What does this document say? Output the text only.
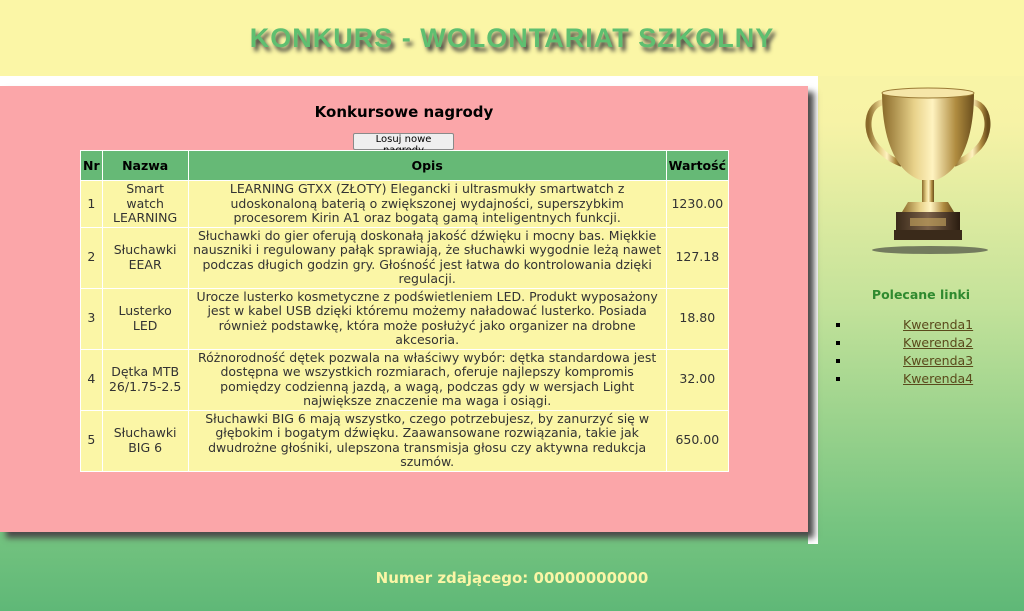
KONKURS - WOLONTARIAT SZKOLNY
Konkursowe nagrody
Losuj nowe
Nr	Nazwa	Opis	Wartość
1	Smart watch LEARNING	LEARNING GTXX (ZŁOTY) Elegancki i ultrasmukły smartwatch z udoskonaloną baterią o zwiększonej wydajności, superszybkim procesorem Kirin A1 oraz bogatą gamą inteligentnych funkcji.	1230.00
2	Słuchawki EEAR	Słuchawki do gier oferują doskonałą jakość dźwięku i mocny bas. Miękkie nauszniki i regulowany pałąk sprawiają, że słuchawki wygodnie leżą nawet podczas długich godzin gry. Głośność jest łatwa do kontrolowania dzięki regulacji.	127.18
3	Lusterko LED	Urocze lusterko kosmetyczne z podświetleniem LED. Produkt wyposażony jest w kabel USB dzięki któremu możemy naładować lusterko. Posiada również podstawkę, która może posłużyć jako organizer na drobne akcesoria.	18.80
4	Dętka MTB 26/1.75-2.5	Różnorodność dętek pozwala na właściwy wybór: dętka standardowa jest dostępna we wszystkich rozmiarach, oferuje najlepszy kompromis pomiędzy codzienną jazdą, a wagą, podczas gdy w wersjach Light największe znaczenie ma waga i osiągi.	32.00
5	Słuchawki BIG 6	Słuchawki BIG 6 mają wszystko, czego potrzebujesz, by zanurzyć się w głębokim i bogatym dźwięku. Zaawansowane rozwiązania, takie jak dwudrożne głośniki, ulepszona transmisja głosu czy aktywna redukcja szumów.	650.00
Polecane linki
Kwerenda1
Kwerenda2
Kwerenda3
Kwerenda4
Numer zdającego: 00000000000
